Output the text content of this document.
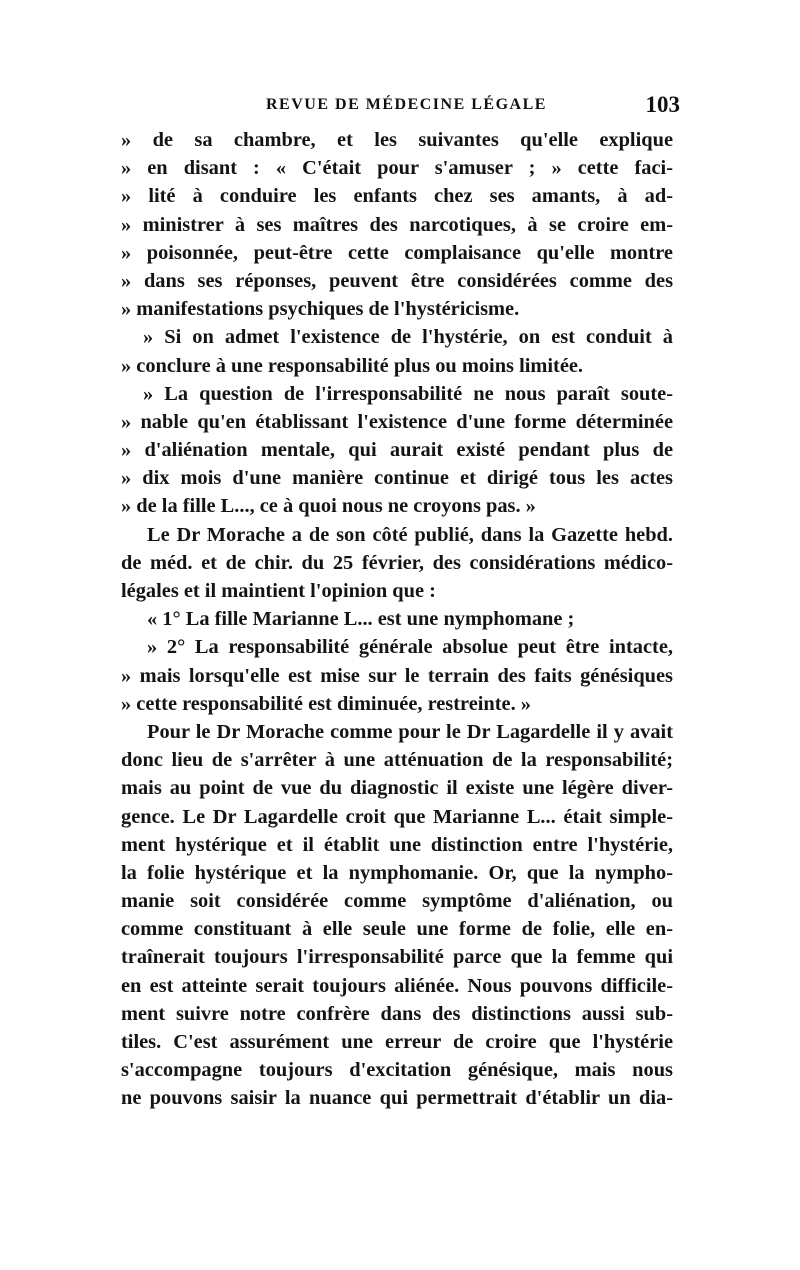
REVUE DE MÉDECINE LÉGALE	103
» de sa chambre, et les suivantes qu'elle explique
» en disant : « C'était pour s'amuser ; » cette faci-
» lité à conduire les enfants chez ses amants, à ad-
» ministrer à ses maîtres des narcotiques, à se croire em-
» poisonnée, peut-être cette complaisance qu'elle montre
» dans ses réponses, peuvent être considérées comme des
» manifestations psychiques de l'hystéricisme.
» Si on admet l'existence de l'hystérie, on est conduit à
» conclure à une responsabilité plus ou moins limitée.
» La question de l'irresponsabilité ne nous paraît soute-
» nable qu'en établissant l'existence d'une forme déterminée
» d'aliénation mentale, qui aurait existé pendant plus de
» dix mois d'une manière continue et dirigé tous les actes
» de la fille L..., ce à quoi nous ne croyons pas. »
Le Dr Morache a de son côté publié, dans la Gazette hebd.
de méd. et de chir. du 25 février, des considérations médico-
légales et il maintient l'opinion que :
« 1° La fille Marianne L... est une nymphomane ;
» 2° La responsabilité générale absolue peut être intacte,
» mais lorsqu'elle est mise sur le terrain des faits génésiques
» cette responsabilité est diminuée, restreinte. »
Pour le Dr Morache comme pour le Dr Lagardelle il y avait
donc lieu de s'arrêter à une atténuation de la responsabilité;
mais au point de vue du diagnostic il existe une légère diver-
gence. Le Dr Lagardelle croit que Marianne L... était simple-
ment hystérique et il établit une distinction entre l'hystérie,
la folie hystérique et la nymphomanie. Or, que la nympho-
manie soit considérée comme symptôme d'aliénation, ou
comme constituant à elle seule une forme de folie, elle en-
traînerait toujours l'irresponsabilité parce que la femme qui
en est atteinte serait toujours aliénée. Nous pouvons difficile-
ment suivre notre confrère dans des distinctions aussi sub-
tiles. C'est assurément une erreur de croire que l'hystérie
s'accompagne toujours d'excitation génésique, mais nous
ne pouvons saisir la nuance qui permettrait d'établir un dia-
